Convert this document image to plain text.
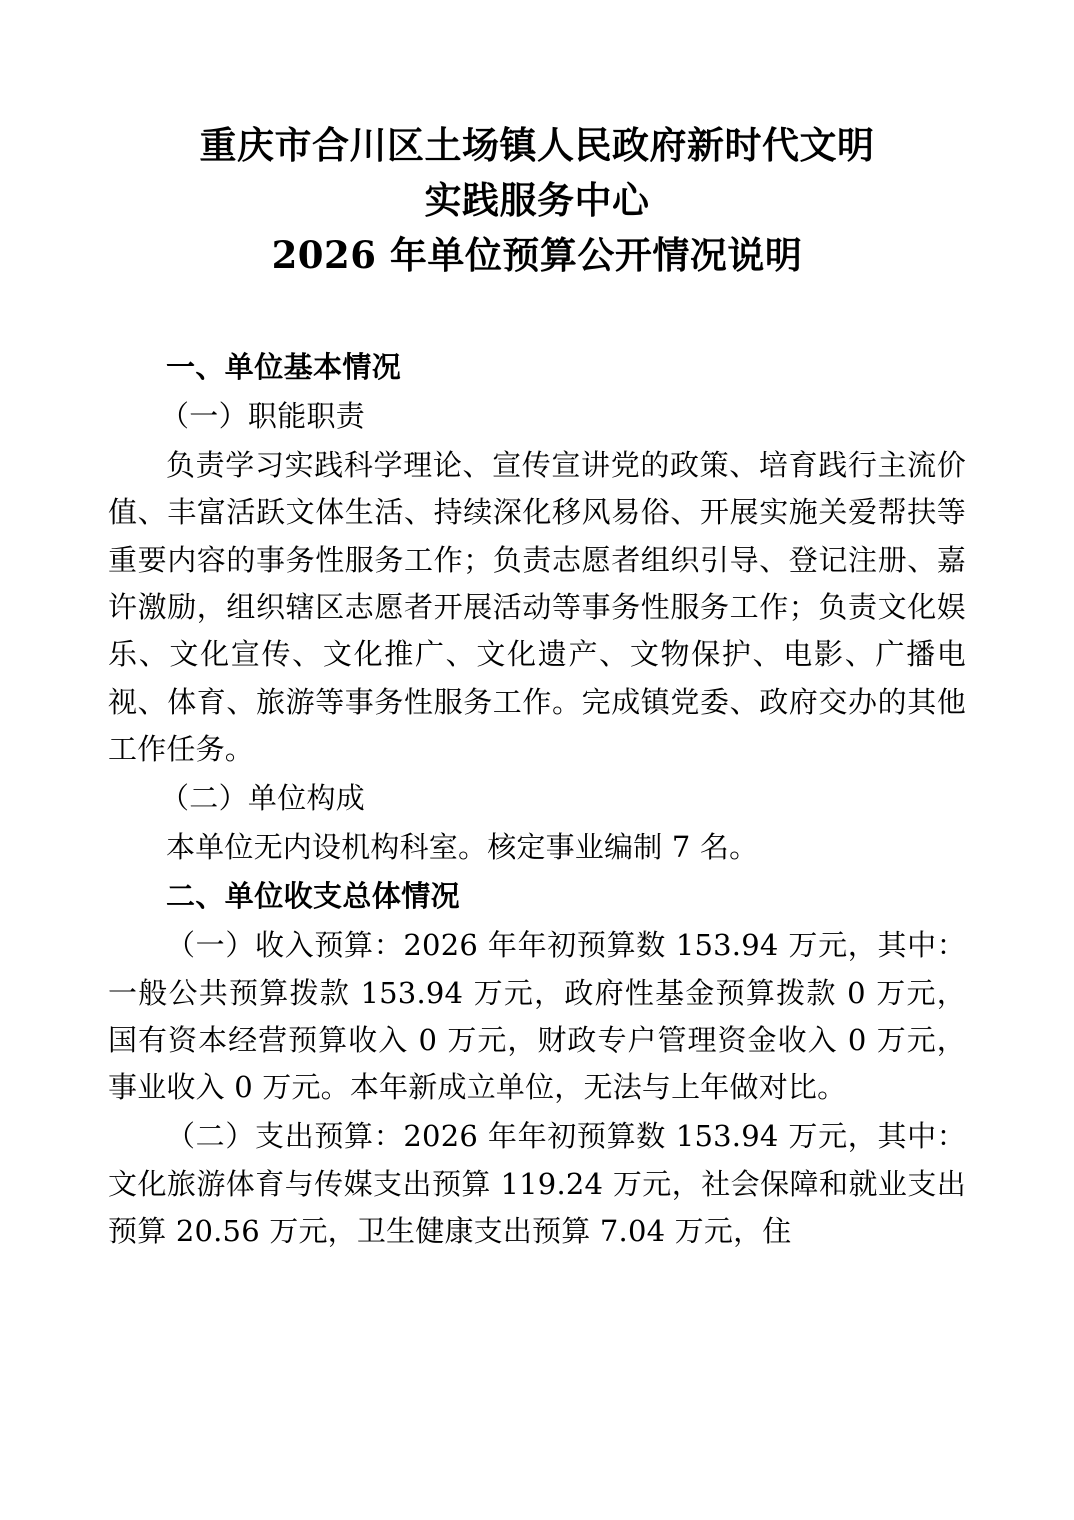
重庆市合川区土场镇人民政府新时代文明
实践服务中心
2026 年单位预算公开情况说明
一、单位基本情况

（一）职能职责

负责学习实践科学理论、宣传宣讲党的政策、培育践行主流价值、丰富活跃文体生活、持续深化移风易俗、开展实施关爱帮扶等重要内容的事务性服务工作；负责志愿者组织引导、登记注册、嘉许激励，组织辖区志愿者开展活动等事务性服务工作；负责文化娱乐、文化宣传、文化推广、文化遗产、文物保护、电影、广播电视、体育、旅游等事务性服务工作。完成镇党委、政府交办的其他工作任务。

（二）单位构成

本单位无内设机构科室。核定事业编制 7 名。

二、单位收支总体情况

（一）收入预算：2026 年年初预算数 153.94 万元，其中：一般公共预算拨款 153.94 万元，政府性基金预算拨款 0 万元，国有资本经营预算收入 0 万元，财政专户管理资金收入 0 万元，事业收入 0 万元。本年新成立单位，无法与上年做对比。

（二）支出预算：2026 年年初预算数 153.94 万元，其中：文化旅游体育与传媒支出预算 119.24 万元，社会保障和就业支出预算 20.56 万元，卫生健康支出预算 7.04 万元，住
